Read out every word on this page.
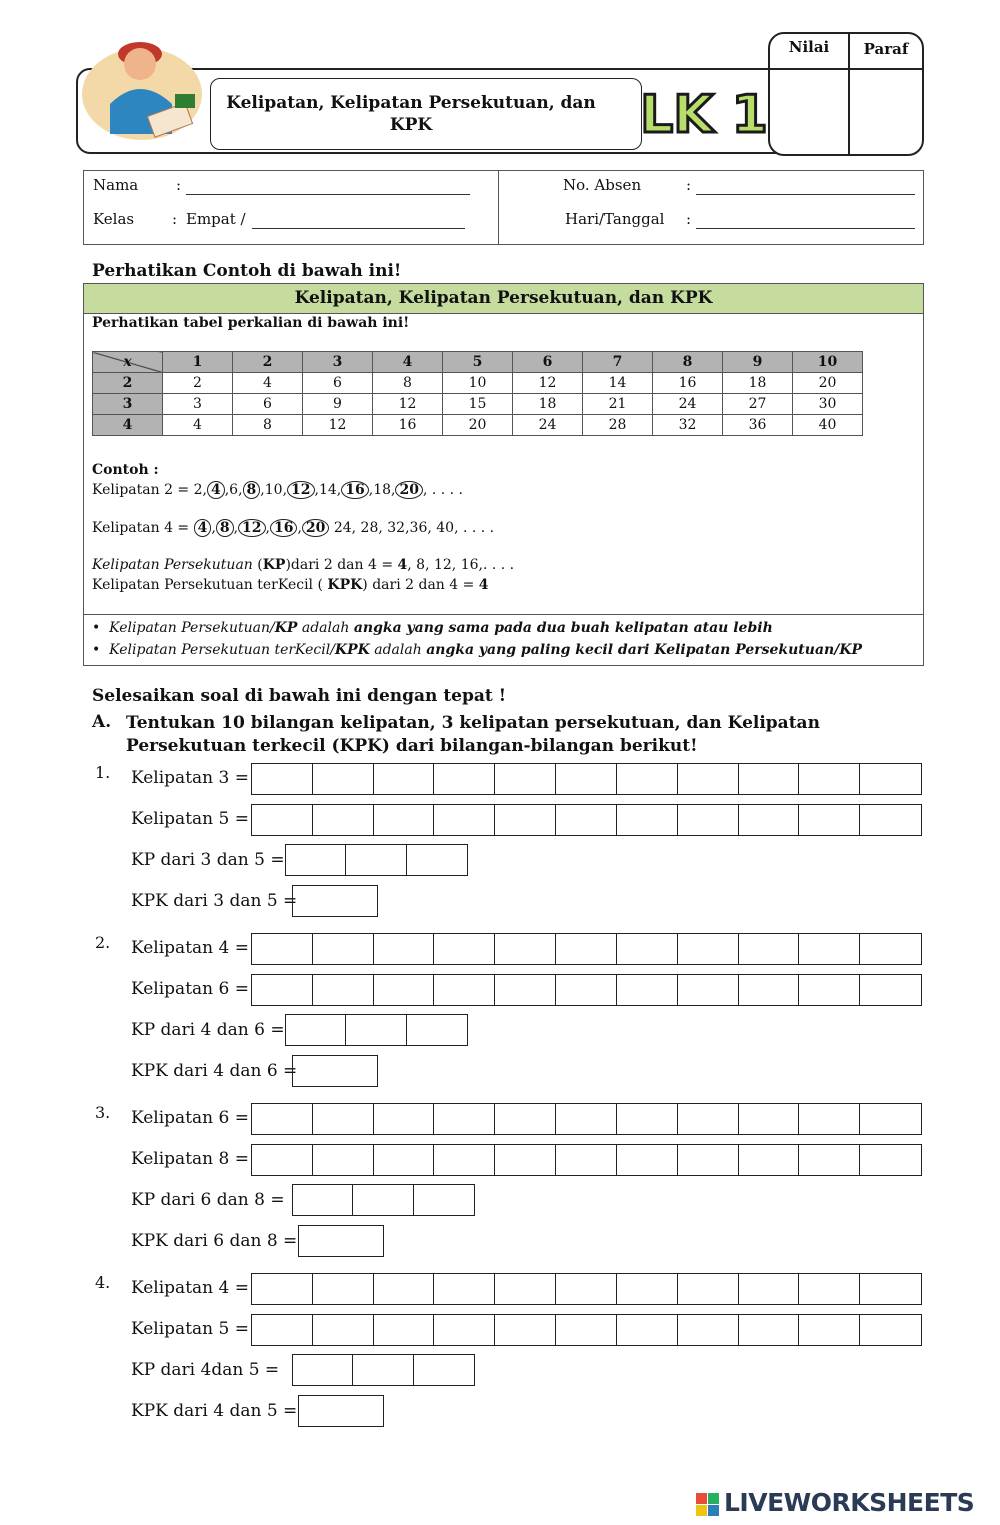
Kelipatan, Kelipatan Persekutuan, dan
KPK	LK 1
Nilai	Paraf
Nama	:
Kelas	: Empat /
No. Absen	:
Hari/Tanggal :
Perhatikan Contoh di bawah ini!
Kelipatan, Kelipatan Persekutuan, dan KPK
Perhatikan tabel perkalian di bawah ini!
x	1	2	3	4	5	6	7	8	9	10
2	2	4	6	8	10	12	14	16	18	20
3	3	6	9	12	15	18	21	24	27	30
4	4	8	12	16	20	24	28	32	36	40
Contoh :
Kelipatan 2 = 2, 4 ,6, 8 ,10, 12 ,14, 16 ,18, 20 , . . . .
Kelipatan 4 = 4 , 8 , 12 , 16 , 20 24, 28, 32,36, 40, . . . .
Kelipatan Persekutuan (KP)dari 2 dan 4 = 4, 8, 12, 16,. . . .
Kelipatan Persekutuan terKecil ( KPK) dari 2 dan 4 = 4
•  Kelipatan Persekutuan/KP adalah angka yang sama pada dua buah kelipatan atau lebih
•  Kelipatan Persekutuan terKecil/KPK adalah angka yang paling kecil dari Kelipatan Persekutuan/KP
Selesaikan soal di bawah ini dengan tepat !
A. Tentukan 10 bilangan kelipatan, 3 kelipatan persekutuan, dan Kelipatan Persekutuan terkecil (KPK) dari bilangan-bilangan berikut!
1. Kelipatan 3 =
Kelipatan 5 =
KP dari 3 dan 5 =
KPK dari 3 dan 5 =
2. Kelipatan 4 =
Kelipatan 6 =
KP dari 4 dan 6 =
KPK dari 4 dan 6 =
3. Kelipatan 6 =
Kelipatan 8 =
KP dari 6 dan 8 =
KPK dari 6 dan 8 =
4. Kelipatan 4 =
Kelipatan 5 =
KP dari 4dan 5 =
KPK dari 4 dan 5 =
LIVEWORKSHEETS
